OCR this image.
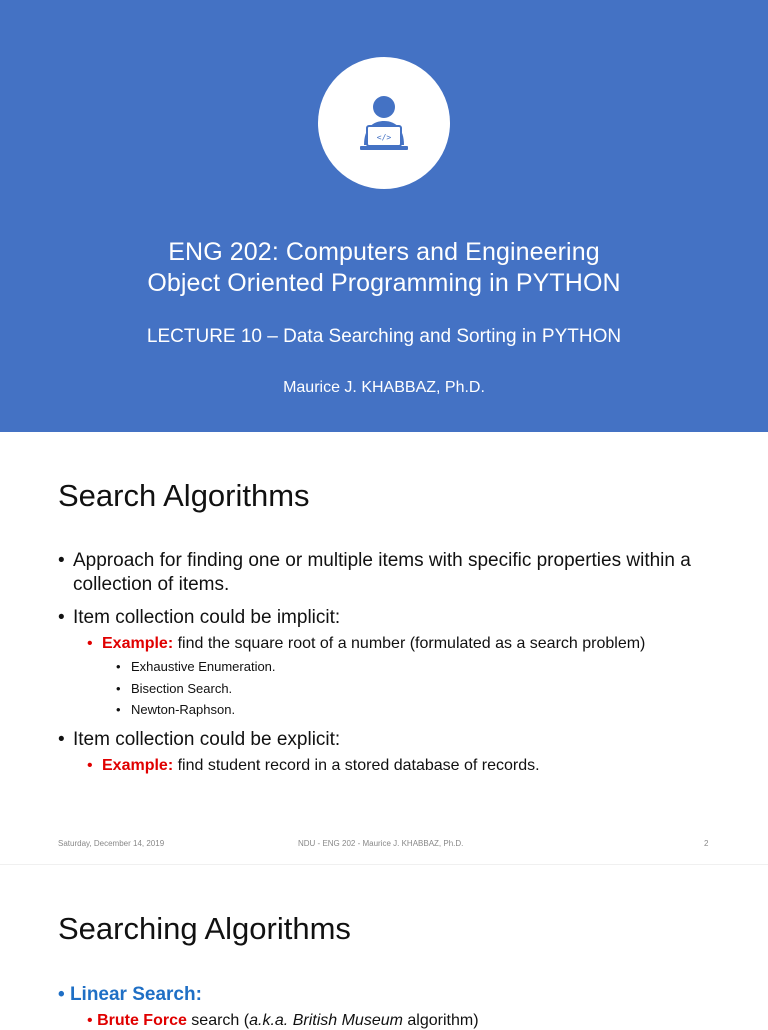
</>
ENG 202: Computers and Engineering
Object Oriented Programming in PYTHON
LECTURE 10 – Data Searching and Sorting in PYTHON
Maurice J. KHABBAZ, Ph.D.
Search Algorithms
• Approach for finding one or multiple items with specific properties within a collection of items.
• Item collection could be implicit:
• Example: find the square root of a number (formulated as a search problem)
• Exhaustive Enumeration.
• Bisection Search.
• Newton-Raphson.
• Item collection could be explicit:
• Example: find student record in a stored database of records.
Saturday, December 14, 2019	NDU - ENG 202 - Maurice J. KHABBAZ, Ph.D.	2
Searching Algorithms
• Linear Search:
• Brute Force search (a.k.a. British Museum algorithm)
